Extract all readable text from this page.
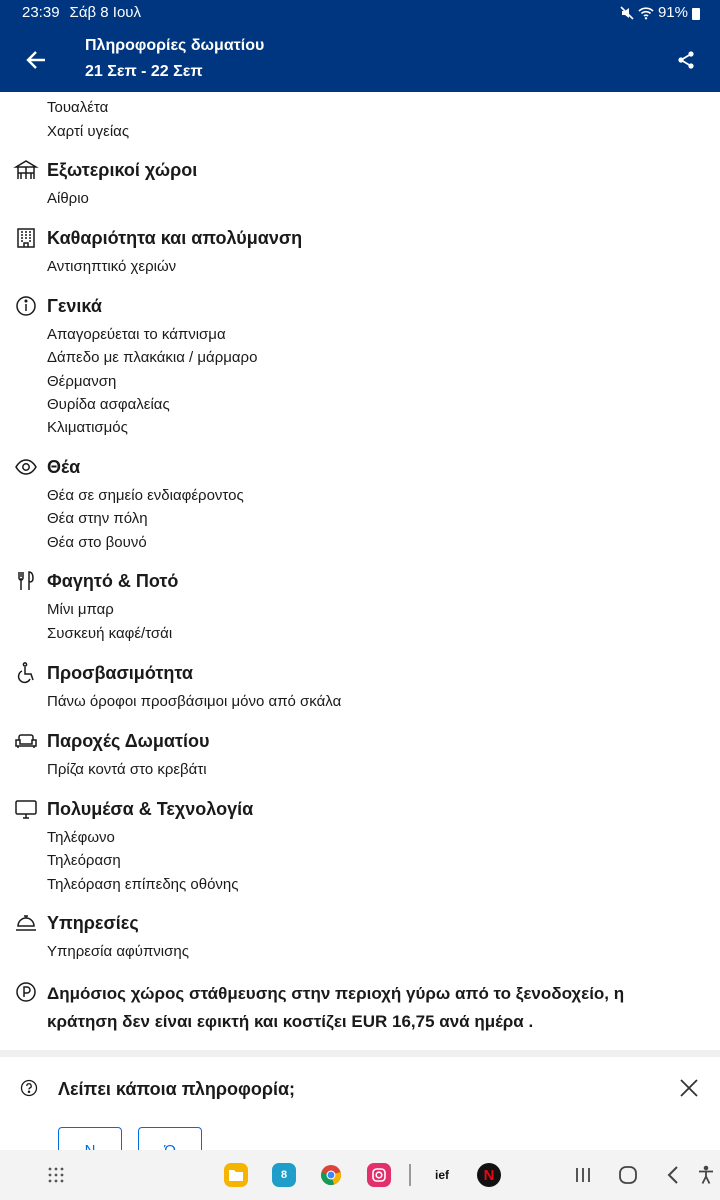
23:39 Σάβ 8 Ιουλ	91%
Πληροφορίες δωματίου
21 Σεπ - 22 Σεπ
Τουαλέτα
Χαρτί υγείας
Εξωτερικοί χώροι
Αίθριο
Καθαριότητα και απολύμανση
Αντισηπτικό χεριών
Γενικά
Απαγορεύεται το κάπνισμα
Δάπεδο με πλακάκια / μάρμαρο
Θέρμανση
Θυρίδα ασφαλείας
Κλιματισμός
Θέα
Θέα σε σημείο ενδιαφέροντος
Θέα στην πόλη
Θέα στο βουνό
Φαγητό & Ποτό
Μίνι μπαρ
Συσκευή καφέ/τσάι
Προσβασιμότητα
Πάνω όροφοι προσβάσιμοι μόνο από σκάλα
Παροχές Δωματίου
Πρίζα κοντά στο κρεβάτι
Πολυμέσα & Τεχνολογία
Τηλέφωνο
Τηλεόραση
Τηλεόραση επίπεδης οθόνης
Υπηρεσίες
Υπηρεσία αφύπνισης
Δημόσιος χώρος στάθμευσης στην περιοχή γύρω από το ξενοδοχείο, η
κράτηση δεν είναι εφικτή και κοστίζει EUR 16,75 ανά ημέρα .
Λείπει κάποια πληροφορία;
8	ief N
